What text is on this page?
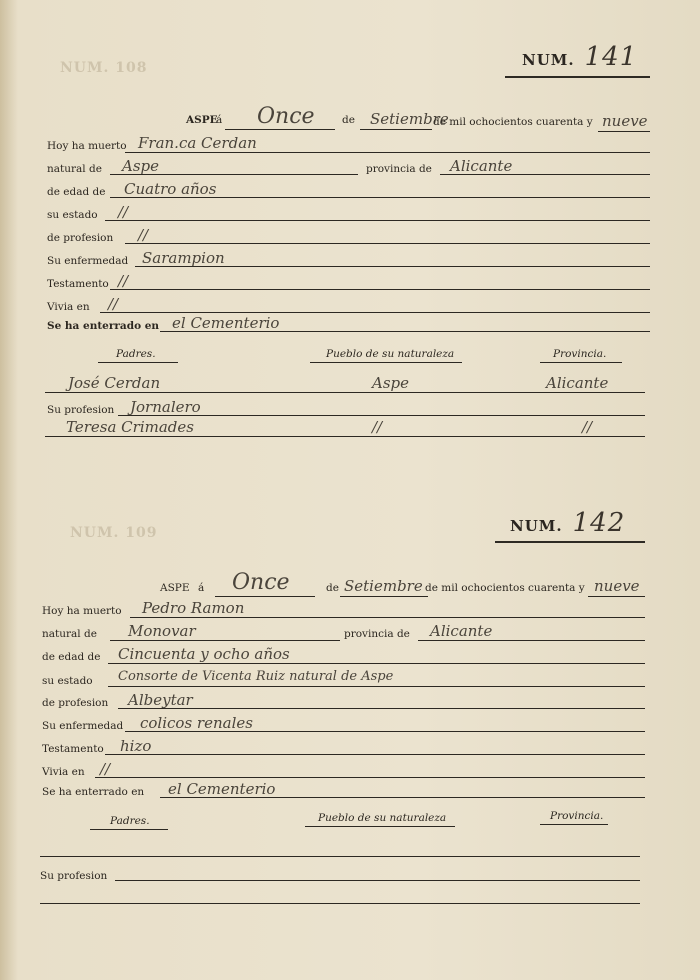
NUM. 108
NUM. 109
NUM. 141
ASPE
á Once	de Setiembre
de mil ochocientos cuarenta y nueve
Hoy ha muerto Fran.ca Cerdan
natural de Aspe	provincia de Alicante
de edad de Cuatro años
su estado //
de profesion //
Su enfermedad Sarampion
Testamento //
Vivia en //
Se ha enterrado en el Cementerio
Padres.	Pueblo de su naturaleza	Provincia.
José Cerdan	Aspe	Alicante
Su profesion Jornalero
Teresa Crimades	//	//
NUM. 142
ASPE á Once	de Setiembre de mil ochocientos cuarenta y nueve
Hoy ha muerto Pedro Ramon
natural de Monovar	provincia de Alicante
de edad de Cincuenta y ocho años
su estado Consorte de Vicenta Ruiz natural de Aspe
de profesion Albeytar
Su enfermedad colicos renales
Testamento hizo
Vivia en //
Se ha enterrado en el Cementerio
Padres.	Pueblo de su naturaleza	Provincia.
Su profesion
